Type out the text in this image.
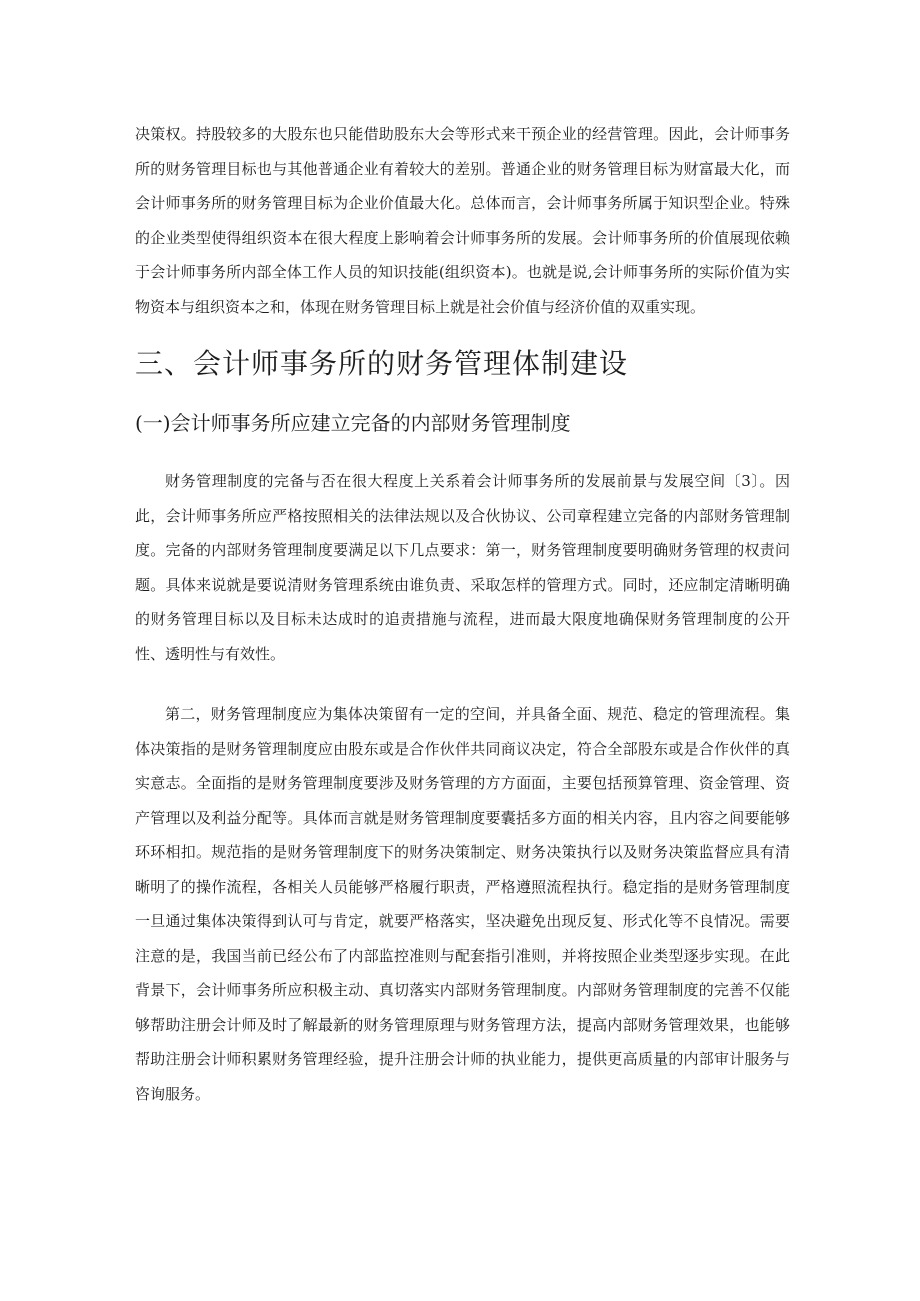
决策权。持股较多的大股东也只能借助股东大会等形式来干预企业的经营管理。因此，会计师事务所的财务管理目标也与其他普通企业有着较大的差别。普通企业的财务管理目标为财富最大化，而会计师事务所的财务管理目标为企业价值最大化。总体而言，会计师事务所属于知识型企业。特殊的企业类型使得组织资本在很大程度上影响着会计师事务所的发展。会计师事务所的价值展现依赖于会计师事务所内部全体工作人员的知识技能(组织资本)。也就是说,会计师事务所的实际价值为实物资本与组织资本之和，体现在财务管理目标上就是社会价值与经济价值的双重实现。

三、会计师事务所的财务管理体制建设
(一)会计师事务所应建立完备的内部财务管理制度

财务管理制度的完备与否在很大程度上关系着会计师事务所的发展前景与发展空间〔3〕。因此，会计师事务所应严格按照相关的法律法规以及合伙协议、公司章程建立完备的内部财务管理制度。完备的内部财务管理制度要满足以下几点要求：第一，财务管理制度要明确财务管理的权责问题。具体来说就是要说清财务管理系统由谁负责、采取怎样的管理方式。同时，还应制定清晰明确的财务管理目标以及目标未达成时的追责措施与流程，进而最大限度地确保财务管理制度的公开性、透明性与有效性。

第二，财务管理制度应为集体决策留有一定的空间，并具备全面、规范、稳定的管理流程。集体决策指的是财务管理制度应由股东或是合作伙伴共同商议决定，符合全部股东或是合作伙伴的真实意志。全面指的是财务管理制度要涉及财务管理的方方面面，主要包括预算管理、资金管理、资产管理以及利益分配等。具体而言就是财务管理制度要囊括多方面的相关内容，且内容之间要能够环环相扣。规范指的是财务管理制度下的财务决策制定、财务决策执行以及财务决策监督应具有清晰明了的操作流程，各相关人员能够严格履行职责，严格遵照流程执行。稳定指的是财务管理制度一旦通过集体决策得到认可与肯定，就要严格落实，坚决避免出现反复、形式化等不良情况。需要注意的是，我国当前已经公布了内部监控准则与配套指引准则，并将按照企业类型逐步实现。在此背景下，会计师事务所应积极主动、真切落实内部财务管理制度。内部财务管理制度的完善不仅能够帮助注册会计师及时了解最新的财务管理原理与财务管理方法，提高内部财务管理效果，也能够帮助注册会计师积累财务管理经验，提升注册会计师的执业能力，提供更高质量的内部审计服务与咨询服务。
